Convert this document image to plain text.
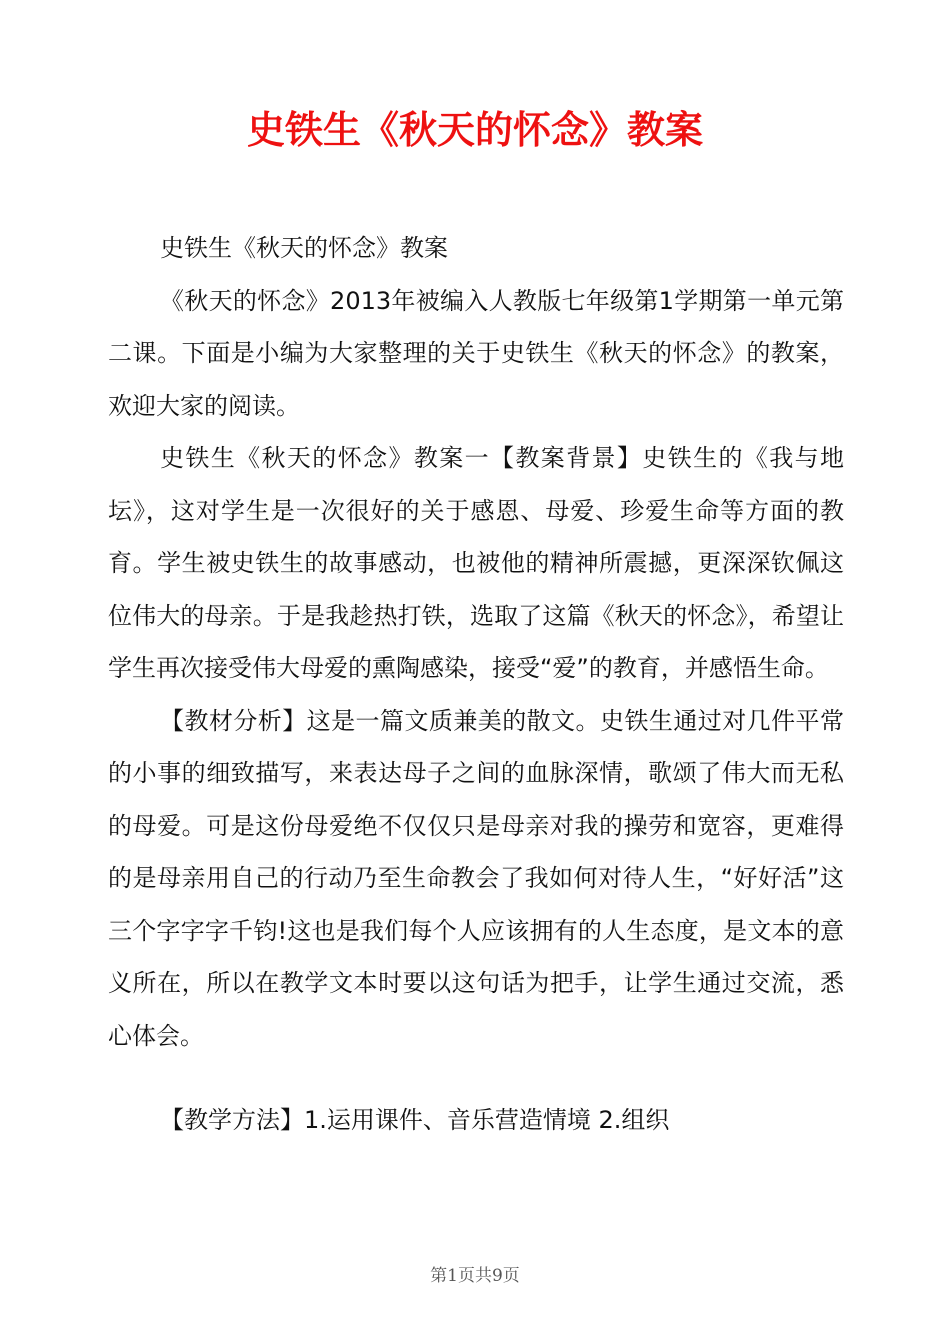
史铁生《秋天的怀念》教案

史铁生《秋天的怀念》教案

《秋天的怀念》2013年被编入人教版七年级第1学期第一单元第二课。下面是小编为大家整理的关于史铁生《秋天的怀念》的教案，欢迎大家的阅读。

史铁生《秋天的怀念》教案一【教案背景】史铁生的《我与地坛》，这对学生是一次很好的关于感恩、母爱、珍爱生命等方面的教育。学生被史铁生的故事感动，也被他的精神所震撼，更深深钦佩这位伟大的母亲。于是我趁热打铁，选取了这篇《秋天的怀念》，希望让学生再次接受伟大母爱的熏陶感染，接受“爱”的教育，并感悟生命。

【教材分析】这是一篇文质兼美的散文。史铁生通过对几件平常的小事的细致描写，来表达母子之间的血脉深情，歌颂了伟大而无私的母爱。可是这份母爱绝不仅仅只是母亲对我的操劳和宽容，更难得的是母亲用自己的行动乃至生命教会了我如何对待人生，“好好活”这三个字字字千钧!这也是我们每个人应该拥有的人生态度，是文本的意义所在，所以在教学文本时要以这句话为把手，让学生通过交流，悉心体会。

【教学方法】1.运用课件、音乐营造情境 2.组织

第1页共9页
